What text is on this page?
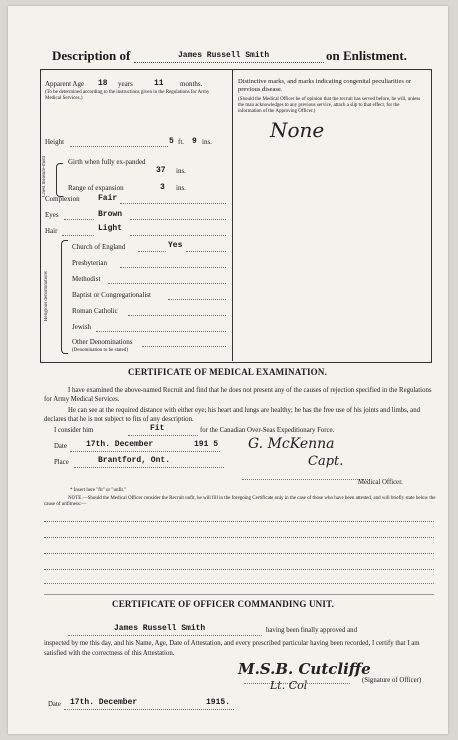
Description of	James Russell Smith	on Enlistment.
Apparent Age 18 years	11 months.
(To be determined according to the instructions given in the Regulations for Army Medical Services.)
Height	5 ft. 9 ins.
Chest measure-ment	Girth when fully ex-panded
37 ins.
Range of expansion	3 ins.
Complexion Fair
Eyes	Brown
Hair	Light
Religious denominations
Church of England	Yes
Presbyterian
Methodist
Baptist or Congregationalist
Roman Catholic
Jewish
Other Denominations
(Denomination to be stated)
Distinctive marks, and marks indicating congenital peculiarities or previous disease.
(Should the Medical Officer be of opinion that the recruit has served before, he will, unless the man acknowledges to any previous service, attach a slip to that effect, for the information of the Approving Officer.)
None
CERTIFICATE OF MEDICAL EXAMINATION.
I have examined the above-named Recruit and find that he does not present any of the causes of rejection specified in the Regulations for Army Medical Services.
He can see at the required distance with either eye; his heart and lungs are healthy; he has the free use of his joints and limbs, and declares that he is not subject to fits of any description.
I consider him	Fit	for the Canadian Over-Seas Expeditionary Force.
Date 17th. December	191 5 G. McKenna
Place	Brantford, Ont.	Capt.
Medical Officer.
* Insert here "fit" or "unfit."
NOTE.—Should the Medical Officer consider the Recruit unfit, he will fill in the foregoing Certificate only in the case of those who have been attested, and will briefly state below the cause of unfitness:—
CERTIFICATE OF OFFICER COMMANDING UNIT.
James Russell Smith	having been finally approved and
inspected by me this day, and his Name, Age, Date of Attestation, and every prescribed particular having been recorded, I certify that I am satisfied with the correctness of this Attestation.
M.S.B. Cutcliffe
Lt. Col	(Signature of Officer)
Date 17th. December	1915.
